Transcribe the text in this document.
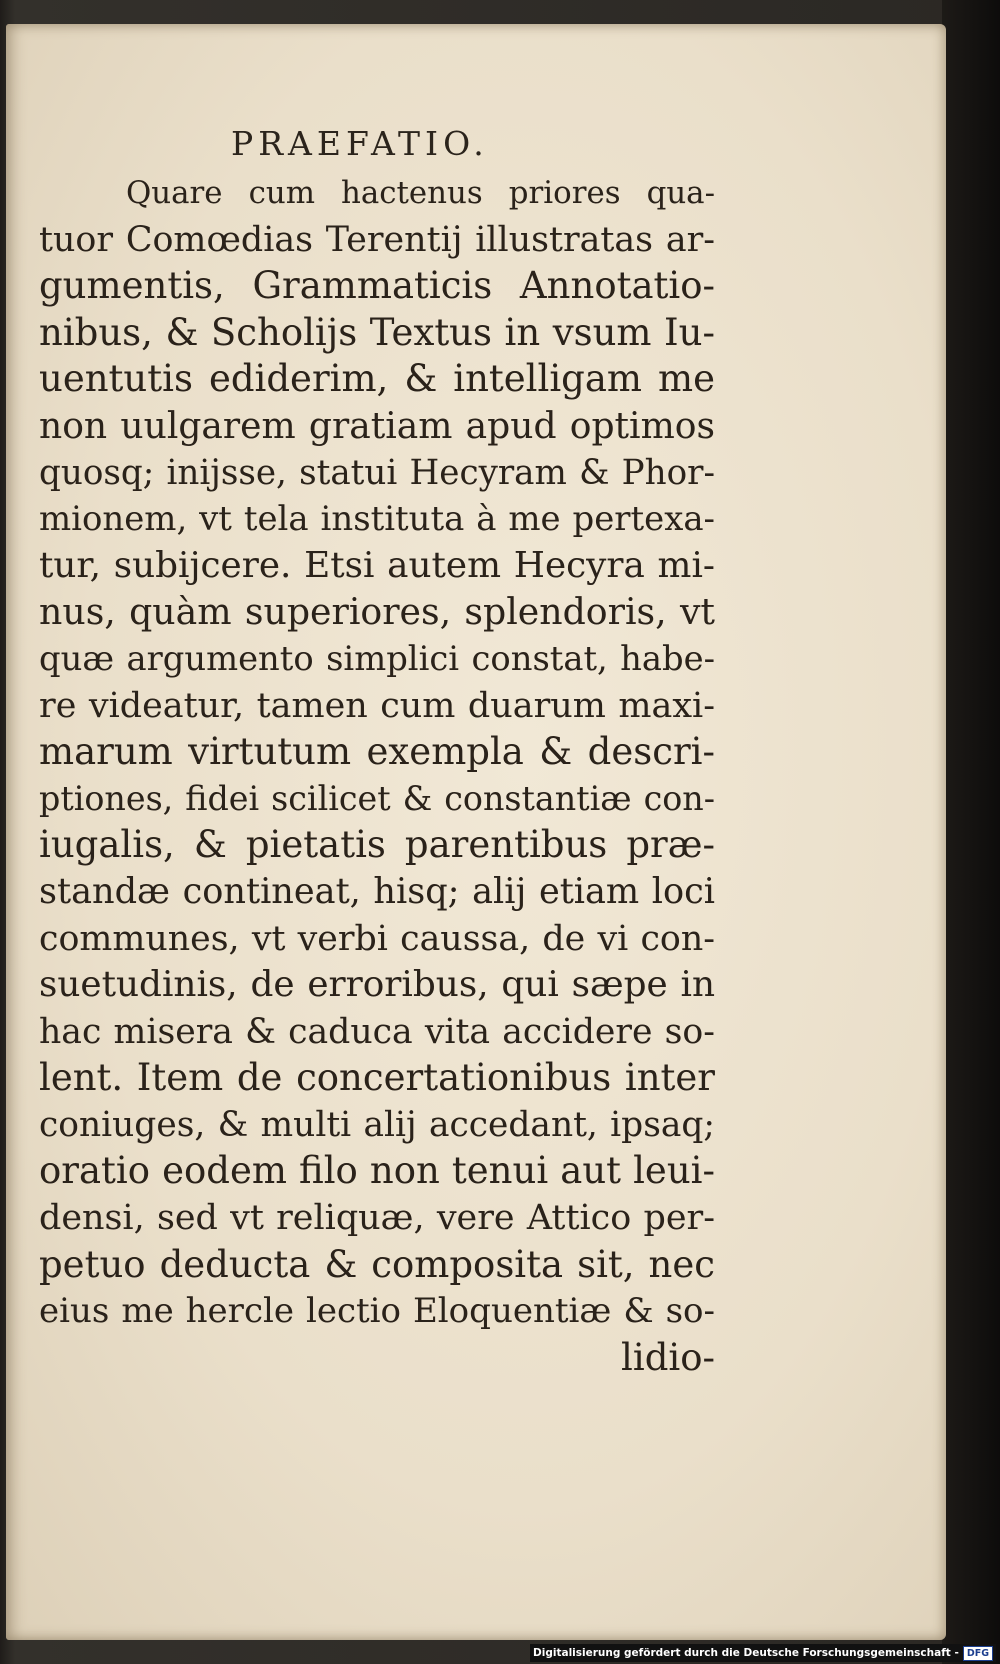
PRAEFATIO.
Quare cum hactenus priores qua-
tuor Comœdias Terentij illustratas ar-
gumentis, Grammaticis Annotatio-
nibus, & Scholijs Textus in vsum Iu-
uentutis ediderim, & intelligam me
non uulgarem gratiam apud optimos
quosq; inijsse, statui Hecyram & Phor-
mionem, vt tela instituta à me pertexa-
tur, subijcere. Etsi autem Hecyra mi-
nus, quàm superiores, splendoris, vt
quæ argumento simplici constat, habe-
re videatur, tamen cum duarum maxi-
marum virtutum exempla & descri-
ptiones, fidei scilicet & constantiæ con-
iugalis, & pietatis parentibus præ-
standæ contineat, hisq; alij etiam loci
communes, vt verbi caussa, de vi con-
suetudinis, de erroribus, qui sæpe in
hac misera & caduca vita accidere so-
lent. Item de concertationibus inter
coniuges, & multi alij accedant, ipsaq;
oratio eodem filo non tenui aut leui-
densi, sed vt reliquæ, vere Attico per-
petuo deducta & composita sit, nec
eius me hercle lectio Eloquentiæ & so-
lidio-
Digitalisierung gefördert durch die Deutsche Forschungsgemeinschaft - DFG
